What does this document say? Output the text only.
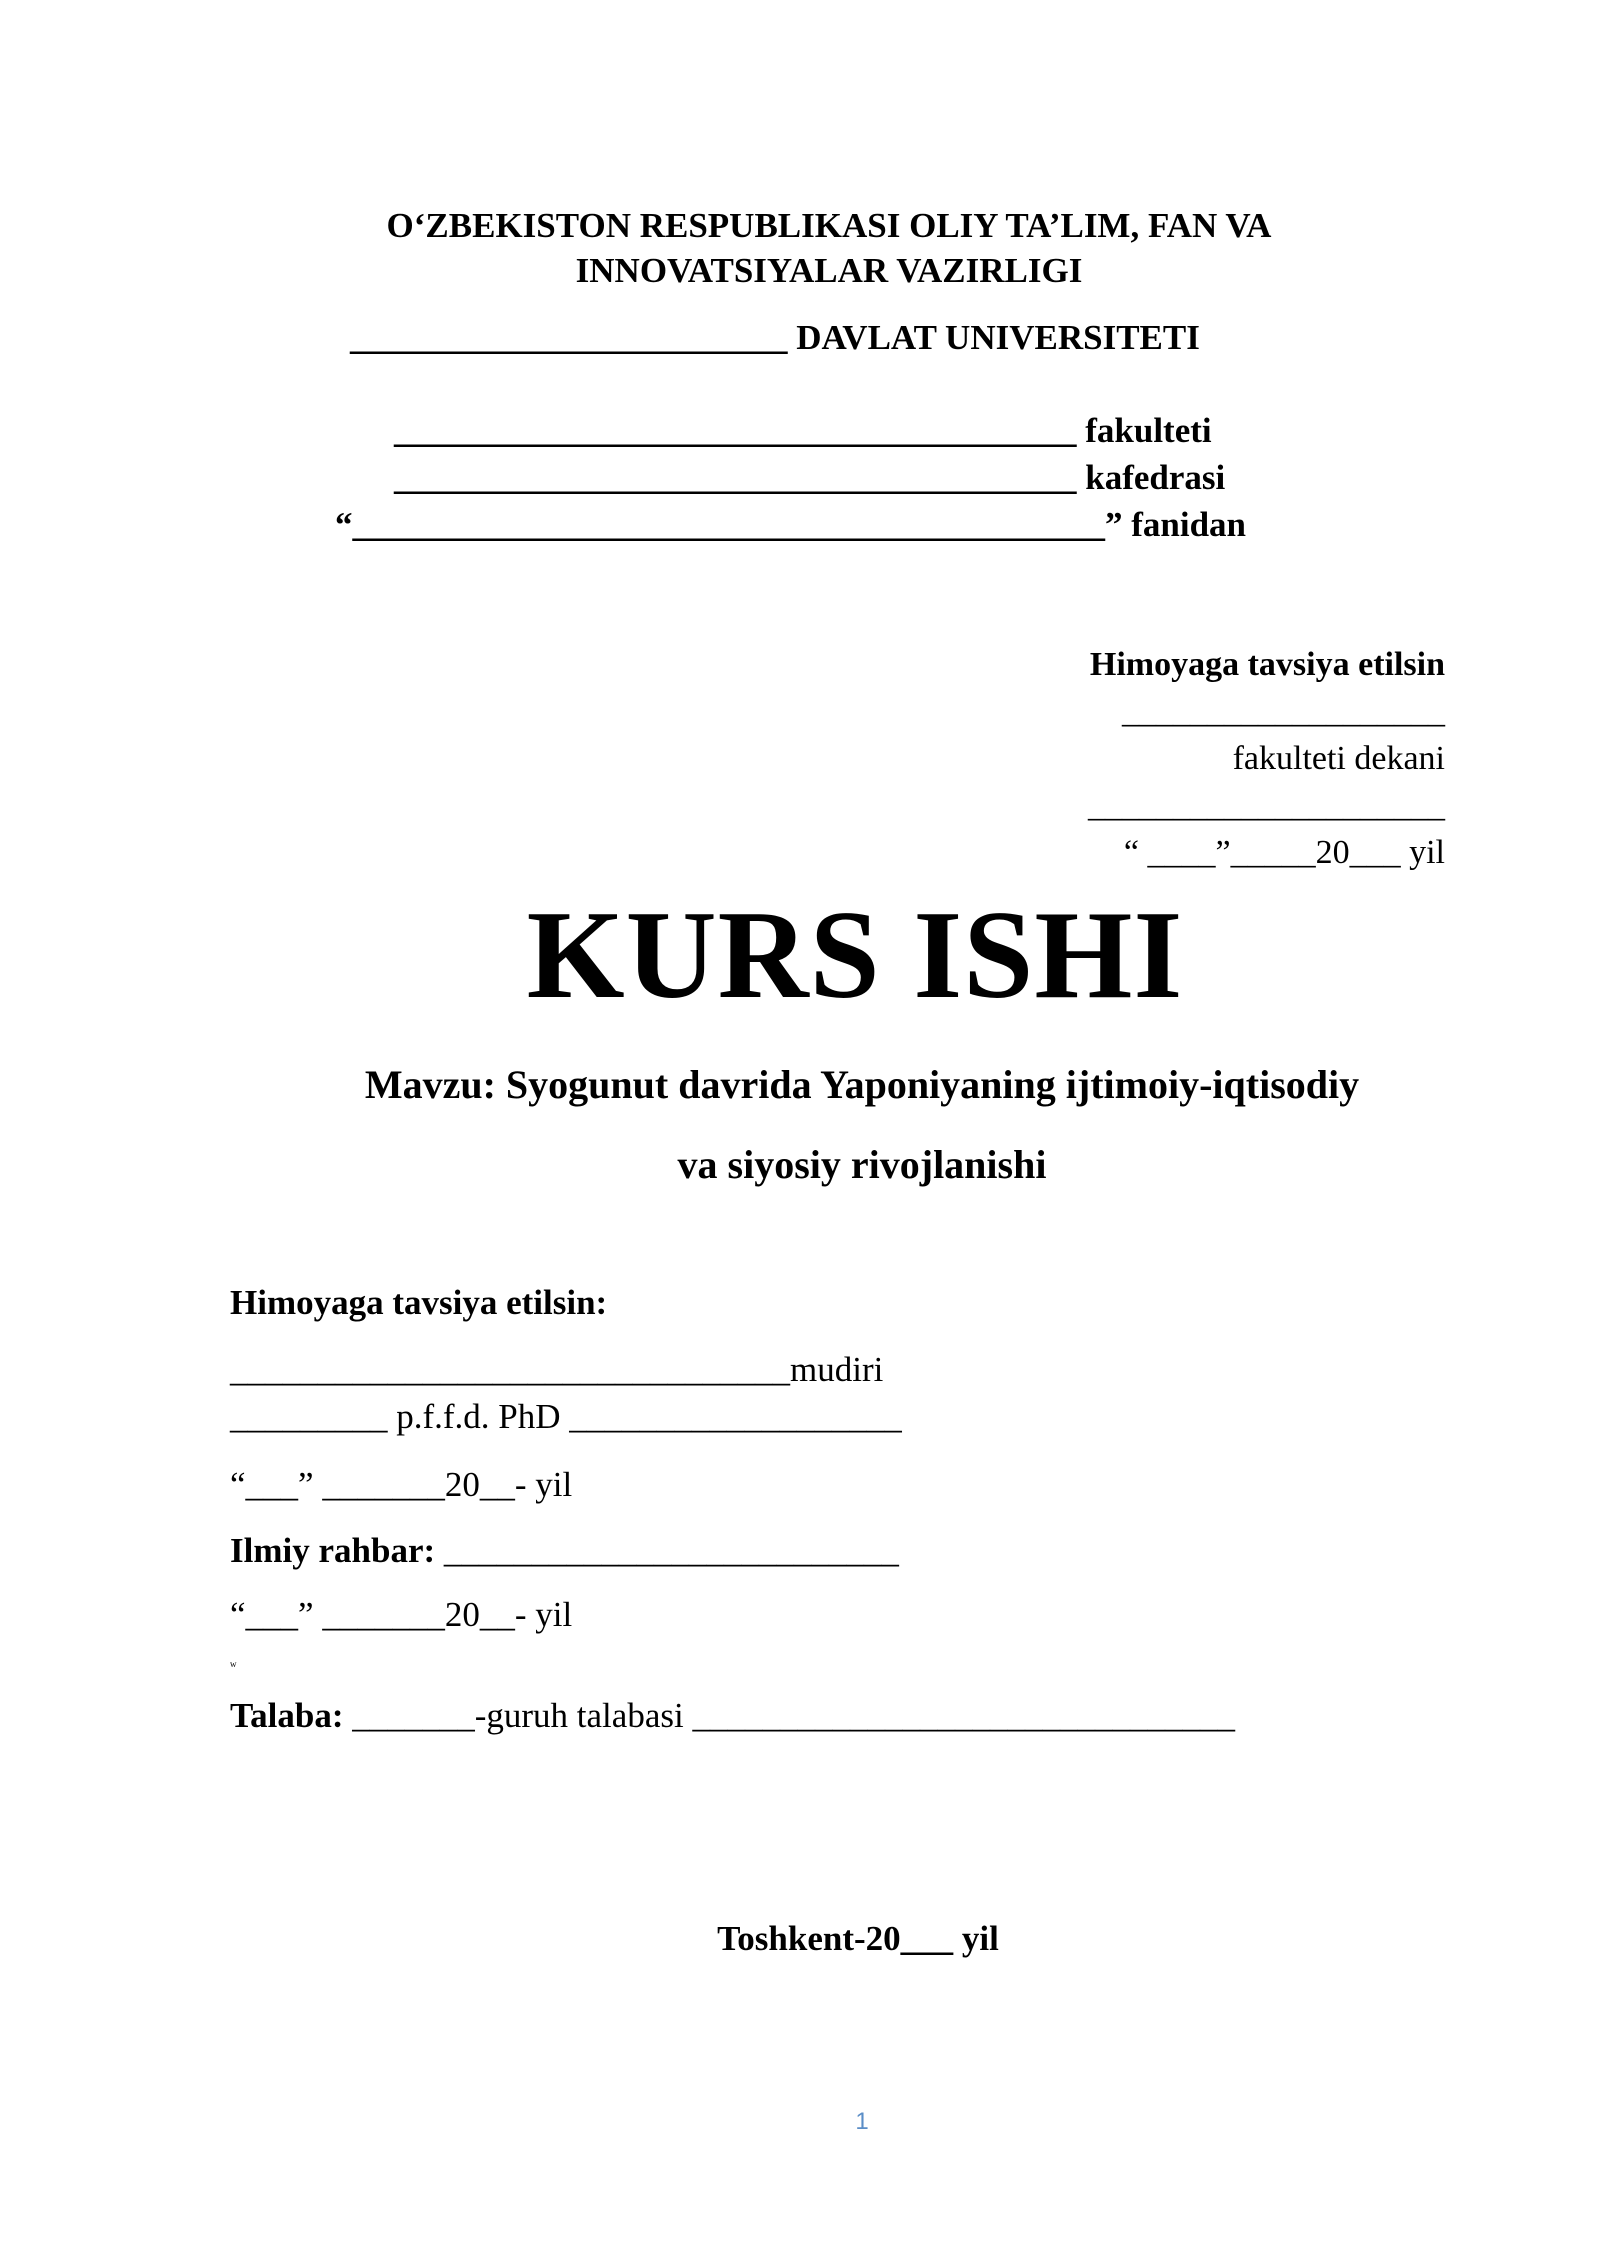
O‘ZBEKISTON RESPUBLIKASI OLIY TA’LIM, FAN VA
INNOVATSIYALAR VAZIRLIGI
_________________________ DAVLAT UNIVERSITETI
_______________________________________ fakulteti
_______________________________________ kafedrasi
“___________________________________________” fanidan
Himoyaga tavsiya etilsin
___________________
fakulteti dekani
_____________________
“ ____”_____20___ yil
KURS ISHI
Mavzu: Syogunut davrida Yaponiyaning ijtimoiy-iqtisodiy
va siyosiy rivojlanishi
Himoyaga tavsiya etilsin:
________________________________mudiri
_________ p.f.f.d. PhD ___________________
“___” _______20__- yil
Ilmiy rahbar: __________________________
“___” _______20__- yil
w
Talaba: _______-guruh talabasi _______________________________
Toshkent-20___ yil
1
